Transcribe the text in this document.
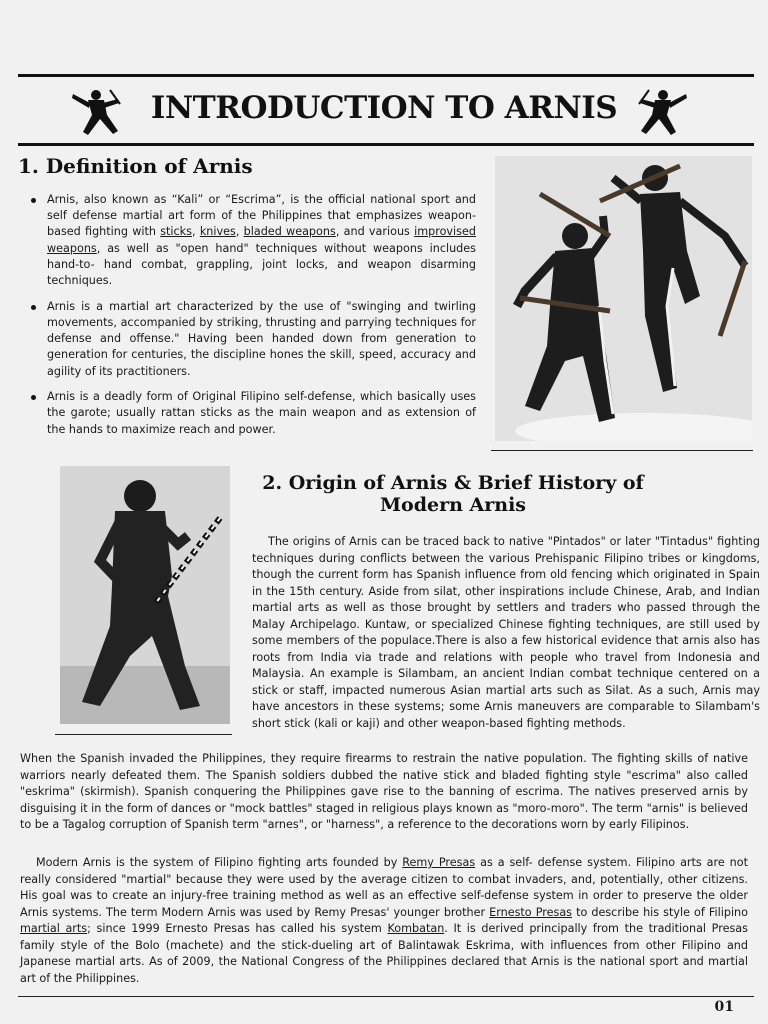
INTRODUCTION TO ARNIS
1. Definition of Arnis
Arnis, also known as “Kali” or “Escrima”, is the official national sport and self defense martial art form of the Philippines that emphasizes weapon-based fighting with sticks, knives, bladed weapons, and various improvised weapons, as well as "open hand" techniques without weapons includes hand-to- hand combat, grappling, joint locks, and weapon disarming techniques.
Arnis is a martial art characterized by the use of "swinging and twirling movements, accompanied by striking, thrusting and parrying techniques for defense and offense." Having been handed down from generation to generation for centuries, the discipline hones the skill, speed, accuracy and agility of its practitioners.
Arnis is a deadly form of Original Filipino self-defense, which basically uses the garote; usually rattan sticks as the main weapon and as extension of the hands to maximize reach and power.
2. Origin of Arnis & Brief History of
Modern Arnis

The origins of Arnis can be traced back to native "Pintados" or later "Tintadus" fighting techniques during conflicts between the various Prehispanic Filipino tribes or kingdoms, though the current form has Spanish influence from old fencing which originated in Spain in the 15th century. Aside from silat, other inspirations include Chinese, Arab, and Indian martial arts as well as those brought by settlers and traders who passed through the Malay Archipelago. Kuntaw, or specialized Chinese fighting techniques, are still used by some members of the populace.There is also a few historical evidence that arnis also has roots from India via trade and relations with people who travel from Indonesia and Malaysia. An example is Silambam, an ancient Indian combat technique centered on a stick or staff, impacted numerous Asian martial arts such as Silat. As a such, Arnis may have ancestors in these systems; some Arnis maneuvers are comparable to Silambam's short stick (kali or kaji) and other weapon-based fighting methods.

When the Spanish invaded the Philippines, they require firearms to restrain the native population. The fighting skills of native warriors nearly defeated them. The Spanish soldiers dubbed the native stick and bladed fighting style "escrima" also called "eskrima" (skirmish). Spanish conquering the Philippines gave rise to the banning of escrima. The natives preserved arnis by disguising it in the form of dances or "mock battles" staged in religious plays known as "moro-moro". The term "arnis" is believed to be a Tagalog corruption of Spanish term "arnes", or "harness", a reference to the decorations worn by early Filipinos.

Modern Arnis is the system of Filipino fighting arts founded by Remy Presas as a self- defense system. Filipino arts are not really considered "martial" because they were used by the average citizen to combat invaders, and, potentially, other citizens. His goal was to create an injury-free training method as well as an effective self-defense system in order to preserve the older Arnis systems. The term Modern Arnis was used by Remy Presas' younger brother Ernesto Presas to describe his style of Filipino martial arts; since 1999 Ernesto Presas has called his system Kombatan. It is derived principally from the traditional Presas family style of the Bolo (machete) and the stick-dueling art of Balintawak Eskrima, with influences from other Filipino and Japanese martial arts. As of 2009, the National Congress of the Philippines declared that Arnis is the national sport and martial art of the Philippines.

01
